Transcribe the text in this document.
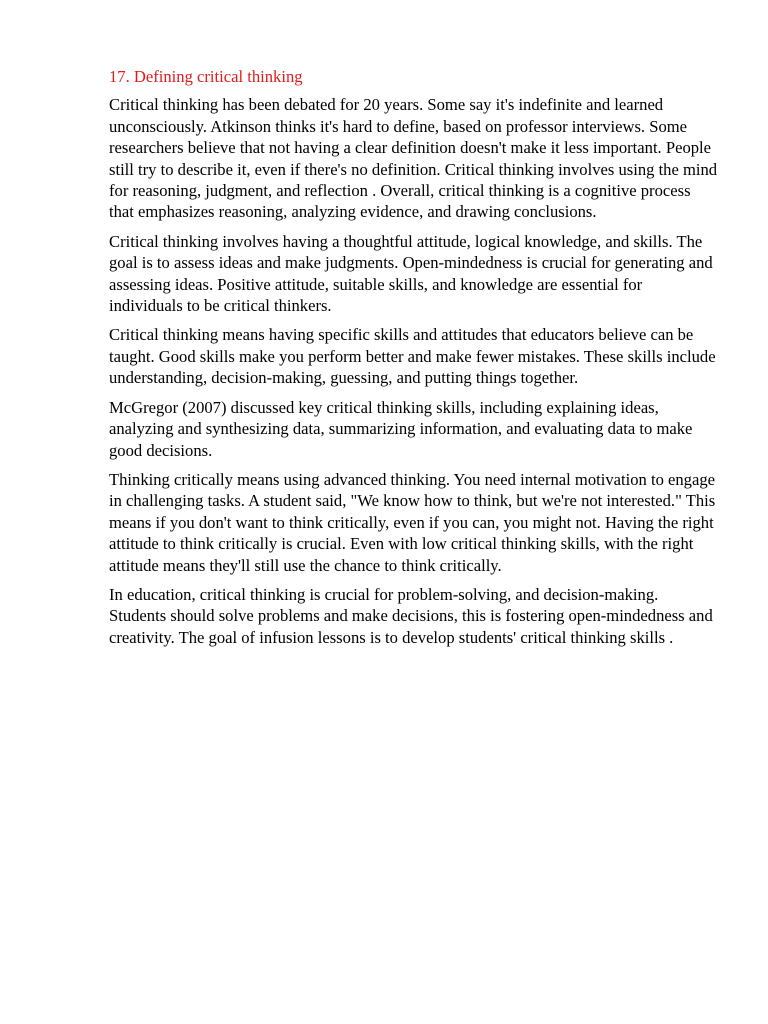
17. Defining critical thinking

Critical thinking has been debated for 20 years. Some say it's indefinite and learned unconsciously. Atkinson thinks it's hard to define, based on professor interviews. Some researchers believe that not having a clear definition doesn't make it less important. People still try to describe it, even if there's no definition. Critical thinking involves using the mind for reasoning, judgment, and reflection . Overall, critical thinking is a cognitive process that emphasizes reasoning, analyzing evidence, and drawing conclusions.

Critical thinking involves having a thoughtful attitude, logical knowledge, and skills. The goal is to assess ideas and make judgments. Open-mindedness is crucial for generating and assessing ideas. Positive attitude, suitable skills, and knowledge are essential for individuals to be critical thinkers.

Critical thinking means having specific skills and attitudes that educators believe can be taught. Good skills make you perform better and make fewer mistakes. These skills include understanding, decision-making, guessing, and putting things together.

McGregor (2007) discussed key critical thinking skills, including explaining ideas, analyzing and synthesizing data, summarizing information, and evaluating data to make good decisions.

Thinking critically means using advanced thinking. You need internal motivation to engage in challenging tasks. A student said, "We know how to think, but we're not interested." This means if you don't want to think critically, even if you can, you might not. Having the right attitude to think critically is crucial. Even with low critical thinking skills, with the right attitude means they'll still use the chance to think critically.

In education, critical thinking is crucial for problem-solving, and decision-making. Students should solve problems and make decisions, this is fostering open-mindedness and creativity. The goal of infusion lessons is to develop students' critical thinking skills .
